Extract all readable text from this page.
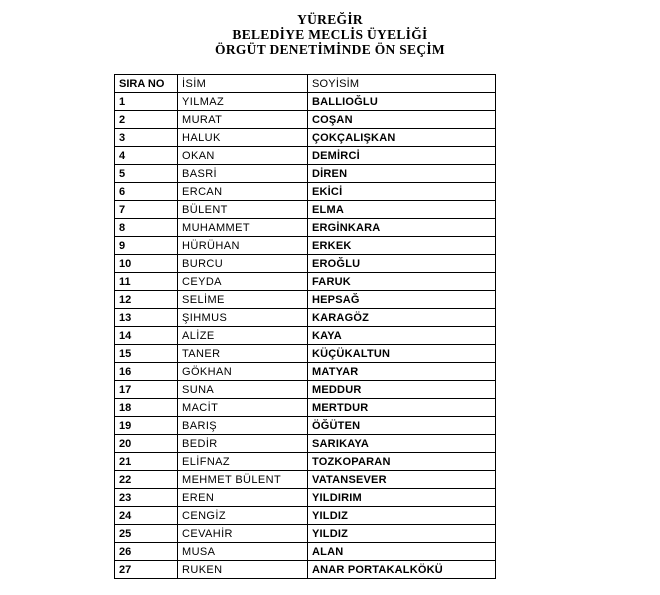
YÜREĞİR
BELEDİYE MECLİS ÜYELİĞİ
ÖRGÜT DENETİMİNDE ÖN SEÇİM
SIRA NO	İSİM	SOYİSİM
1	YILMAZ	BALLIOĞLU
2	MURAT	COŞAN
3	HALUK	ÇOKÇALIŞKAN
4	OKAN	DEMİRCİ
5	BASRİ	DİREN
6	ERCAN	EKİCİ
7	BÜLENT	ELMA
8	MUHAMMET	ERGİNKARA
9	HÜRÜHAN	ERKEK
10	BURCU	EROĞLU
11	CEYDA	FARUK
12	SELİME	HEPSAĞ
13	ŞIHMUS	KARAGÖZ
14	ALİZE	KAYA
15	TANER	KÜÇÜKALTUN
16	GÖKHAN	MATYAR
17	SUNA	MEDDUR
18	MACİT	MERTDUR
19	BARIŞ	ÖĞÜTEN
20	BEDİR	SARIKAYA
21	ELİFNAZ	TOZKOPARAN
22	MEHMET BÜLENT	VATANSEVER
23	EREN	YILDIRIM
24	CENGİZ	YILDIZ
25	CEVAHİR	YILDIZ
26	MUSA	ALAN
27	RUKEN	ANAR PORTAKALKÖKÜ
